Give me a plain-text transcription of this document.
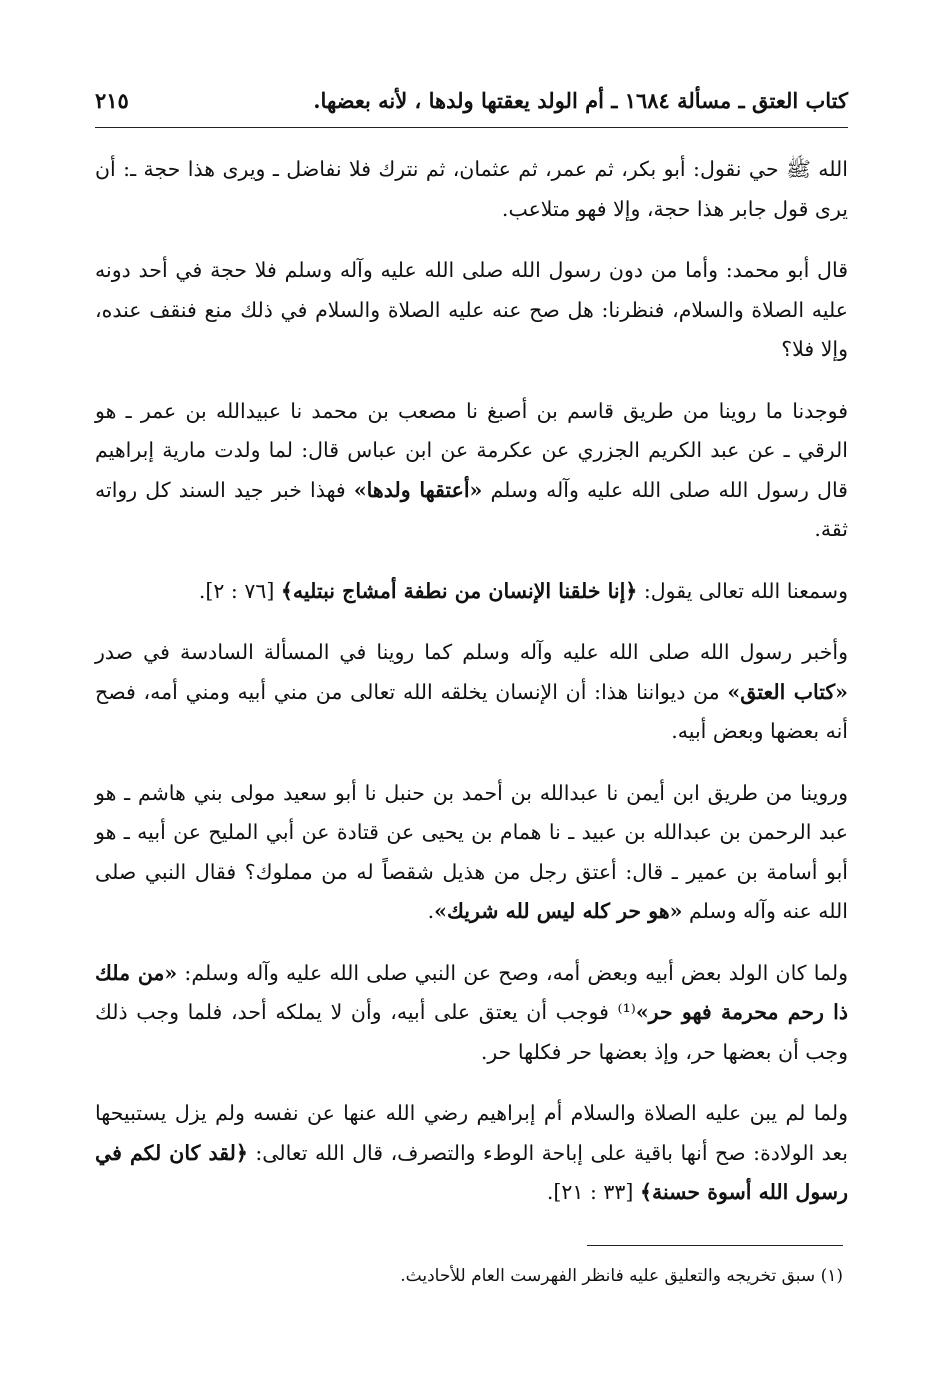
كتاب العتق ـ مسألة ١٦٨٤ ـ أم الولد يعقتها ولدها ، لأنه بعضها.
٢١٥

الله ﷺ حي نقول: أبو بكر، ثم عمر، ثم عثمان، ثم نترك فلا نفاضل ـ ويرى هذا حجة ـ: أن يرى قول جابر هذا حجة، وإلا فهو متلاعب.

قال أبو محمد: وأما من دون رسول الله صلى الله عليه وآله وسلم فلا حجة في أحد دونه عليه الصلاة والسلام، فنظرنا: هل صح عنه عليه الصلاة والسلام في ذلك منع فنقف عنده، وإلا فلا؟

فوجدنا ما روينا من طريق قاسم بن أصبغ نا مصعب بن محمد نا عبيدالله بن عمر ـ هو الرقي ـ عن عبد الكريم الجزري عن عكرمة عن ابن عباس قال: لما ولدت مارية إبراهيم قال رسول الله صلى الله عليه وآله وسلم «أعتقها ولدها» فهذا خبر جيد السند كل رواته ثقة.

وسمعنا الله تعالى يقول: ﴿إنا خلقنا الإنسان من نطفة أمشاج نبتليه﴾ [٧٦ : ٢].

وأخبر رسول الله صلى الله عليه وآله وسلم كما روينا في المسألة السادسة في صدر «كتاب العتق» من ديواننا هذا: أن الإنسان يخلقه الله تعالى من مني أبيه ومني أمه، فصح أنه بعضها وبعض أبيه.

وروينا من طريق ابن أيمن نا عبدالله بن أحمد بن حنبل نا أبو سعيد مولى بني هاشم ـ هو عبد الرحمن بن عبدالله بن عبيد ـ نا همام بن يحيى عن قتادة عن أبي المليح عن أبيه ـ هو أبو أسامة بن عمير ـ قال: أعتق رجل من هذيل شقصاً له من مملوك؟ فقال النبي صلى الله عنه وآله وسلم «هو حر كله ليس لله شريك».

ولما كان الولد بعض أبيه وبعض أمه، وصح عن النبي صلى الله عليه وآله وسلم: «من ملك ذا رحم محرمة فهو حر»⁽¹⁾ فوجب أن يعتق على أبيه، وأن لا يملكه أحد، فلما وجب ذلك وجب أن بعضها حر، وإذ بعضها حر فكلها حر.

ولما لم يبن عليه الصلاة والسلام أم إبراهيم رضي الله عنها عن نفسه ولم يزل يستبيحها بعد الولادة: صح أنها باقية على إباحة الوطء والتصرف، قال الله تعالى: ﴿لقد كان لكم في رسول الله أسوة حسنة﴾ [٣٣ : ٢١].

(١) سبق تخريجه والتعليق عليه فانظر الفهرست العام للأحاديث.
